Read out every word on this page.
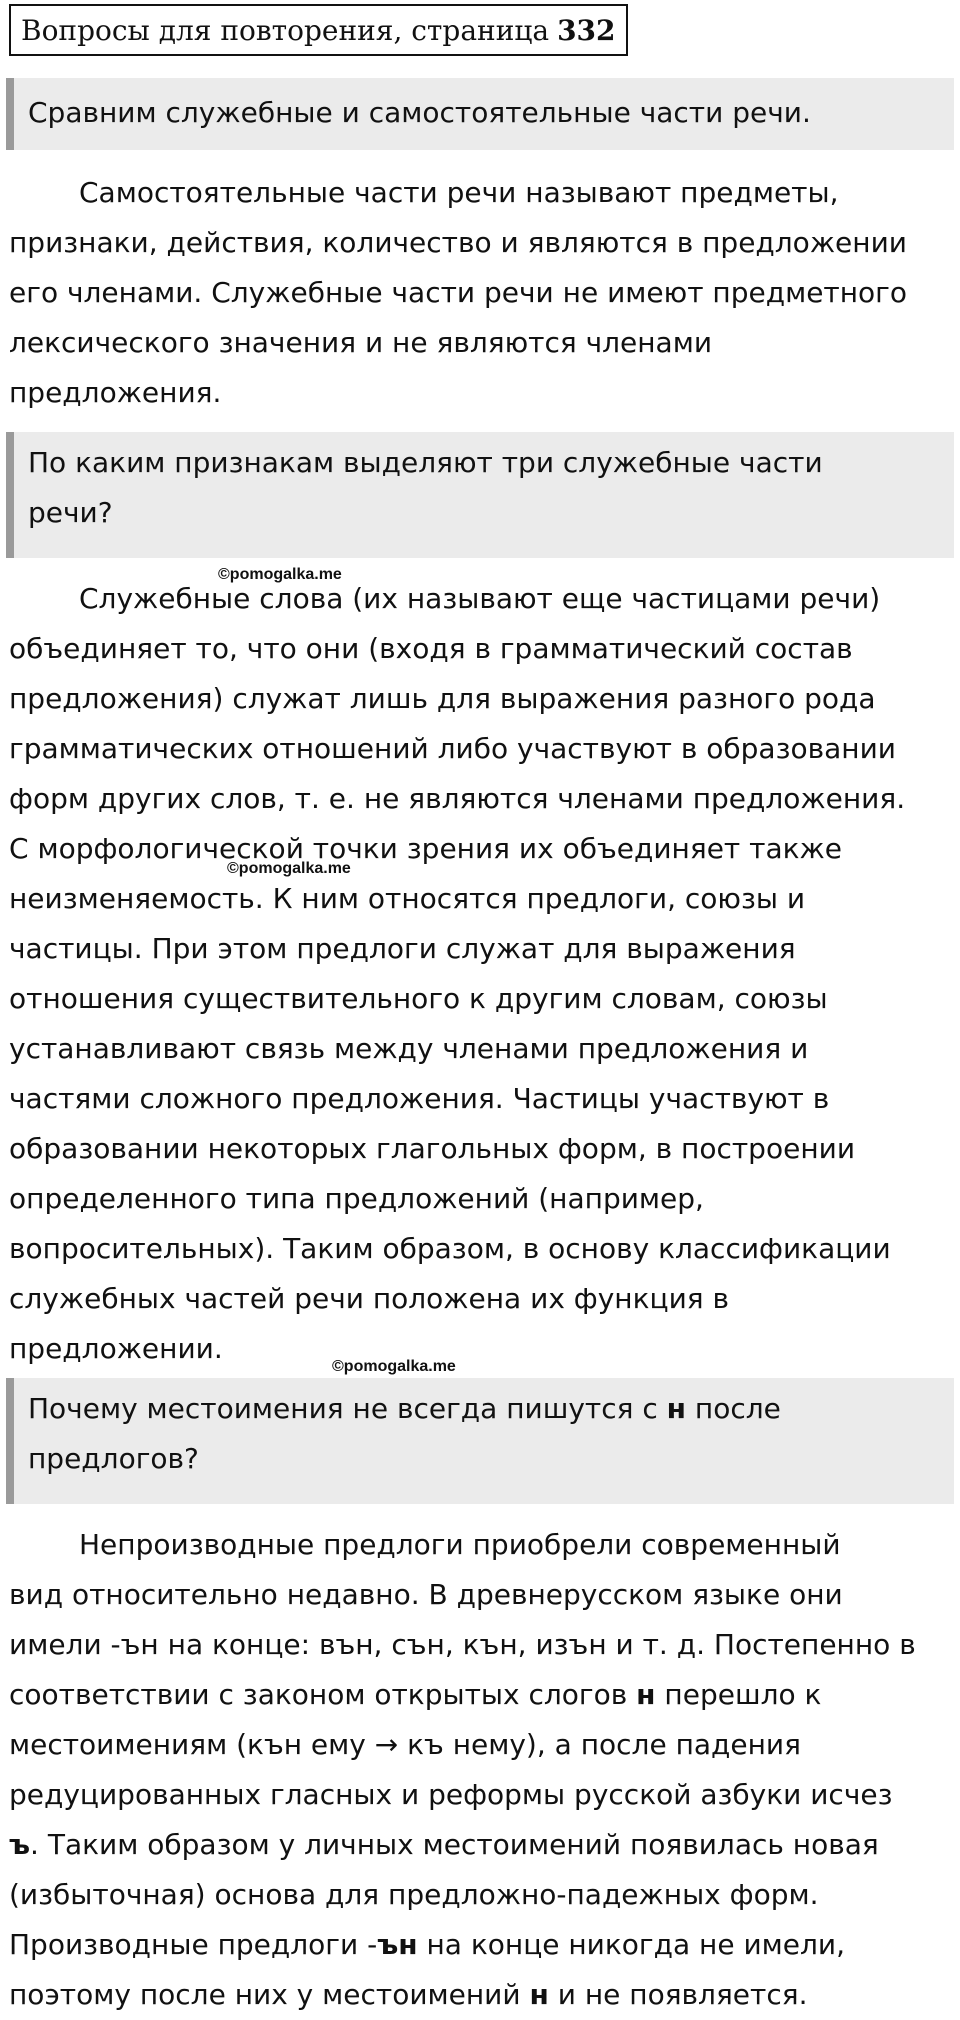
Вопросы для повторения, страница 332
Сравним служебные и самостоятельные части речи.
Самостоятельные части речи называют предметы,
признаки, действия, количество и являются в предложении
его членами. Служебные части речи не имеют предметного
лексического значения и не являются членами
предложения.
По каким признакам выделяют три служебные части
речи?
Служебные слова (их называют еще частицами речи)
объединяет то, что они (входя в грамматический состав
предложения) служат лишь для выражения разного рода
грамматических отношений либо участвуют в образовании
форм других слов, т. е. не являются членами предложения.
С морфологической точки зрения их объединяет также
неизменяемость. К ним относятся предлоги, союзы и
частицы. При этом предлоги служат для выражения
отношения существительного к другим словам, союзы
устанавливают связь между членами предложения и
частями сложного предложения. Частицы участвуют в
образовании некоторых глагольных форм, в построении
определенного типа предложений (например,
вопросительных). Таким образом, в основу классификации
служебных частей речи положена их функция в
предложении.
Почему местоимения не всегда пишутся с н после
предлогов?
Непроизводные предлоги приобрели современный
вид относительно недавно. В древнерусском языке они
имели -ън на конце: вън, сън, кън, изън и т. д. Постепенно в
соответствии с законом открытых слогов н перешло к
местоимениям (кън ему → къ нему), а после падения
редуцированных гласных и реформы русской азбуки исчез
ъ. Таким образом у личных местоимений появилась новая
(избыточная) основа для предложно-падежных форм.
Производные предлоги -ън на конце никогда не имели,
поэтому после них у местоимений н и не появляется.
©pomogalka.me
©pomogalka.me
©pomogalka.me
